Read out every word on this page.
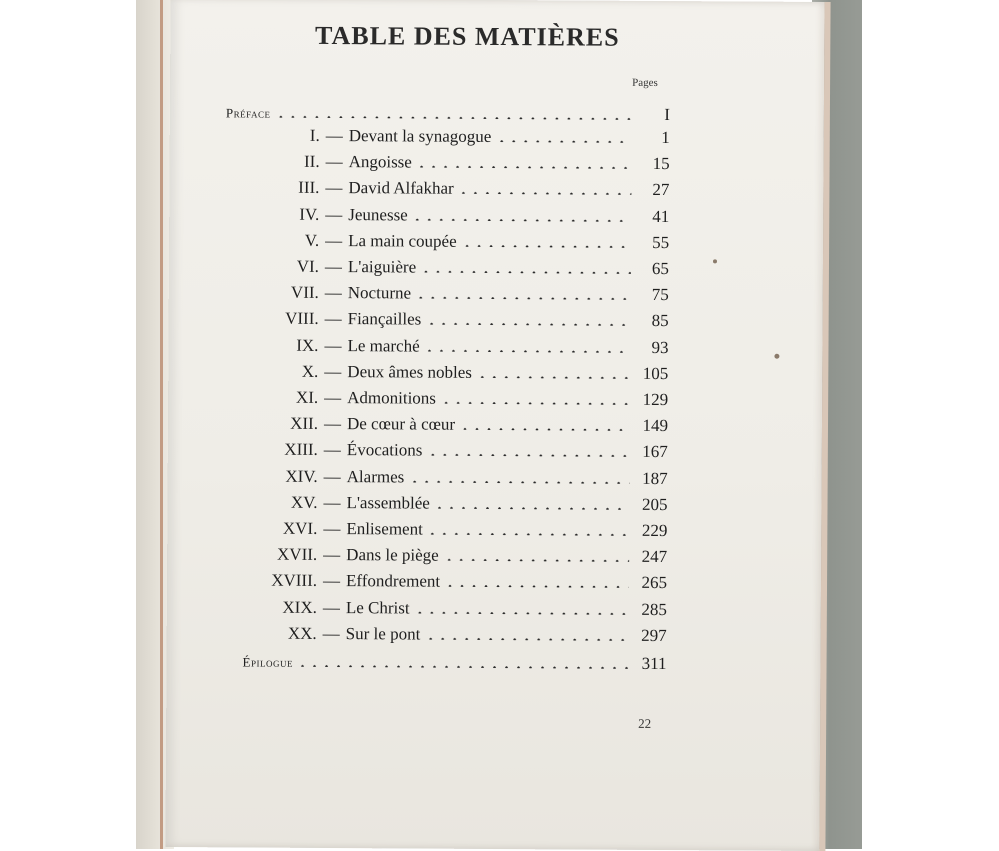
TABLE DES MATIÈRES
Pages
Préface	I
I. — Devant la synagogue	1
II. — Angoisse	15
III. — David Alfakhar	27
IV. — Jeunesse	41
V. — La main coupée	55
VI. — L'aiguière	65
VII. — Nocturne	75
VIII. — Fiançailles	85
IX. — Le marché	93
X. — Deux âmes nobles	105
XI. — Admonitions	129
XII. — De cœur à cœur	149
XIII. — Évocations	167
XIV. — Alarmes	187
XV. — L'assemblée	205
XVI. — Enlisement	229
XVII. — Dans le piège	247
XVIII. — Effondrement	265
XIX. — Le Christ	285
XX. — Sur le pont	297
Épilogue	311
22
